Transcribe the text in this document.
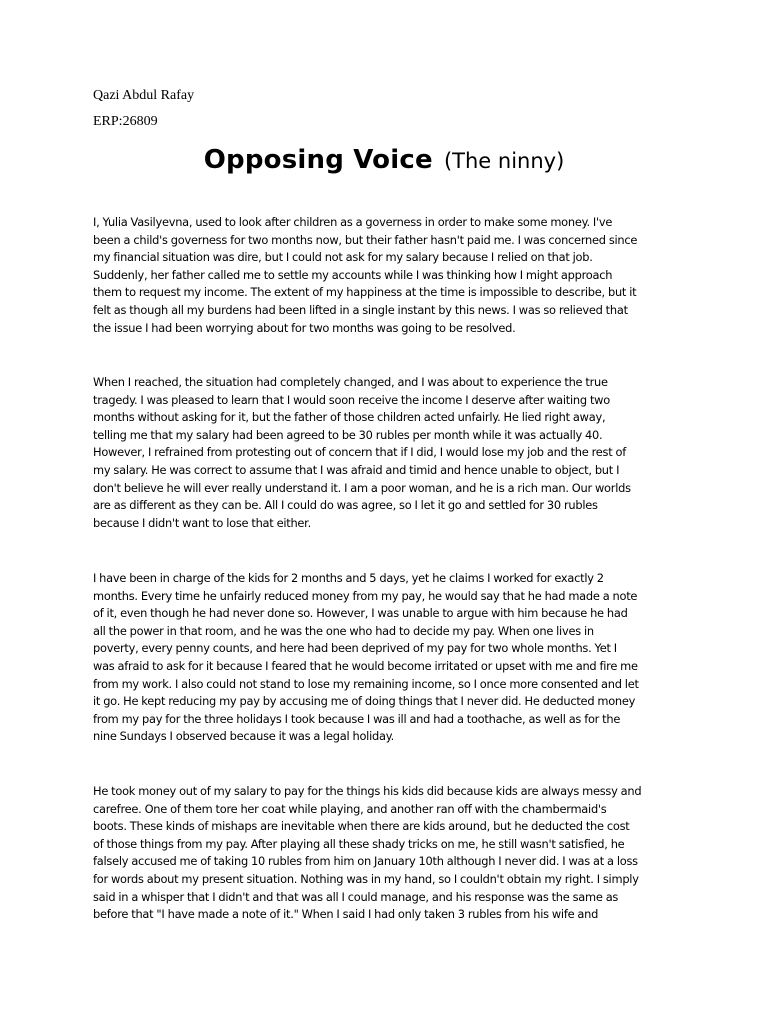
Qazi Abdul Rafay

ERP:26809

Opposing Voice (The ninny)
I, Yulia Vasilyevna, used to look after children as a governess in order to make some money. I've
been a child's governess for two months now, but their father hasn't paid me. I was concerned since
my financial situation was dire, but I could not ask for my salary because I relied on that job.
Suddenly, her father called me to settle my accounts while I was thinking how I might approach
them to request my income. The extent of my happiness at the time is impossible to describe, but it
felt as though all my burdens had been lifted in a single instant by this news. I was so relieved that
the issue I had been worrying about for two months was going to be resolved.
When I reached, the situation had completely changed, and I was about to experience the true
tragedy. I was pleased to learn that I would soon receive the income I deserve after waiting two
months without asking for it, but the father of those children acted unfairly. He lied right away,
telling me that my salary had been agreed to be 30 rubles per month while it was actually 40.
However, I refrained from protesting out of concern that if I did, I would lose my job and the rest of
my salary. He was correct to assume that I was afraid and timid and hence unable to object, but I
don't believe he will ever really understand it. I am a poor woman, and he is a rich man. Our worlds
are as different as they can be. All I could do was agree, so I let it go and settled for 30 rubles
because I didn't want to lose that either.
I have been in charge of the kids for 2 months and 5 days, yet he claims I worked for exactly 2
months. Every time he unfairly reduced money from my pay, he would say that he had made a note
of it, even though he had never done so. However, I was unable to argue with him because he had
all the power in that room, and he was the one who had to decide my pay. When one lives in
poverty, every penny counts, and here had been deprived of my pay for two whole months. Yet I
was afraid to ask for it because I feared that he would become irritated or upset with me and fire me
from my work. I also could not stand to lose my remaining income, so I once more consented and let
it go. He kept reducing my pay by accusing me of doing things that I never did. He deducted money
from my pay for the three holidays I took because I was ill and had a toothache, as well as for the
nine Sundays I observed because it was a legal holiday.
He took money out of my salary to pay for the things his kids did because kids are always messy and
carefree. One of them tore her coat while playing, and another ran off with the chambermaid's
boots. These kinds of mishaps are inevitable when there are kids around, but he deducted the cost
of those things from my pay. After playing all these shady tricks on me, he still wasn't satisfied, he
falsely accused me of taking 10 rubles from him on January 10th although I never did. I was at a loss
for words about my present situation. Nothing was in my hand, so I couldn't obtain my right. I simply
said in a whisper that I didn't and that was all I could manage, and his response was the same as
before that "I have made a note of it." When I said I had only taken 3 rubles from his wife and
